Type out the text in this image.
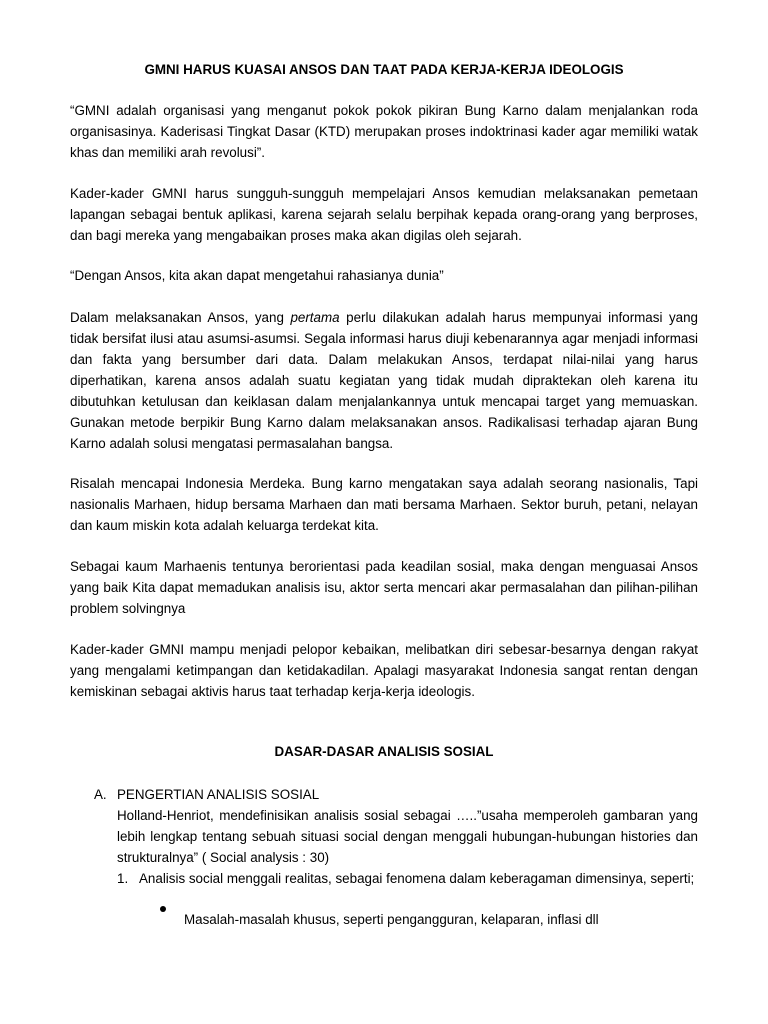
GMNI HARUS KUASAI ANSOS DAN TAAT PADA KERJA-KERJA IDEOLOGIS

“GMNI adalah organisasi yang menganut pokok pokok pikiran Bung Karno dalam menjalankan roda organisasinya. Kaderisasi Tingkat Dasar (KTD) merupakan proses indoktrinasi kader agar memiliki watak khas dan memiliki arah revolusi”.

Kader-kader GMNI harus sungguh-sungguh mempelajari Ansos kemudian melaksanakan pemetaan lapangan sebagai bentuk aplikasi, karena sejarah selalu berpihak kepada orang-orang yang berproses, dan bagi mereka yang mengabaikan proses maka akan digilas oleh sejarah.

“Dengan Ansos, kita akan dapat mengetahui rahasianya dunia”

Dalam melaksanakan Ansos, yang pertama perlu dilakukan adalah harus mempunyai informasi yang tidak bersifat ilusi atau asumsi-asumsi. Segala informasi harus diuji kebenarannya agar menjadi informasi dan fakta yang bersumber dari data. Dalam melakukan Ansos, terdapat nilai-nilai yang harus diperhatikan, karena ansos adalah suatu kegiatan yang tidak mudah dipraktekan oleh karena itu dibutuhkan ketulusan dan keiklasan dalam menjalankannya untuk mencapai target yang memuaskan. Gunakan metode berpikir Bung Karno dalam melaksanakan ansos. Radikalisasi terhadap ajaran Bung Karno adalah solusi mengatasi permasalahan bangsa.

Risalah mencapai Indonesia Merdeka. Bung karno mengatakan saya adalah seorang nasionalis, Tapi nasionalis Marhaen, hidup bersama Marhaen dan mati bersama Marhaen. Sektor buruh, petani, nelayan dan kaum miskin kota adalah keluarga terdekat kita.

Sebagai kaum Marhaenis tentunya berorientasi pada keadilan sosial, maka dengan menguasai Ansos yang baik Kita dapat memadukan analisis isu, aktor serta mencari akar permasalahan dan pilihan-pilihan problem solvingnya

Kader-kader GMNI mampu menjadi pelopor kebaikan, melibatkan diri sebesar-besarnya dengan rakyat yang mengalami ketimpangan dan ketidakadilan. Apalagi masyarakat Indonesia sangat rentan dengan kemiskinan sebagai aktivis harus taat terhadap kerja-kerja ideologis.

DASAR-DASAR ANALISIS SOSIAL
A. PENGERTIAN ANALISIS SOSIAL

Holland-Henriot, mendefinisikan analisis sosial sebagai …..”usaha memperoleh gambaran yang lebih lengkap tentang sebuah situasi social dengan menggali hubungan-hubungan histories dan strukturalnya” ( Social analysis : 30)

1. Analisis social menggali realitas, sebagai fenomena dalam keberagaman dimensinya, seperti;

Masalah-masalah khusus, seperti pengangguran, kelaparan, inflasi dll
